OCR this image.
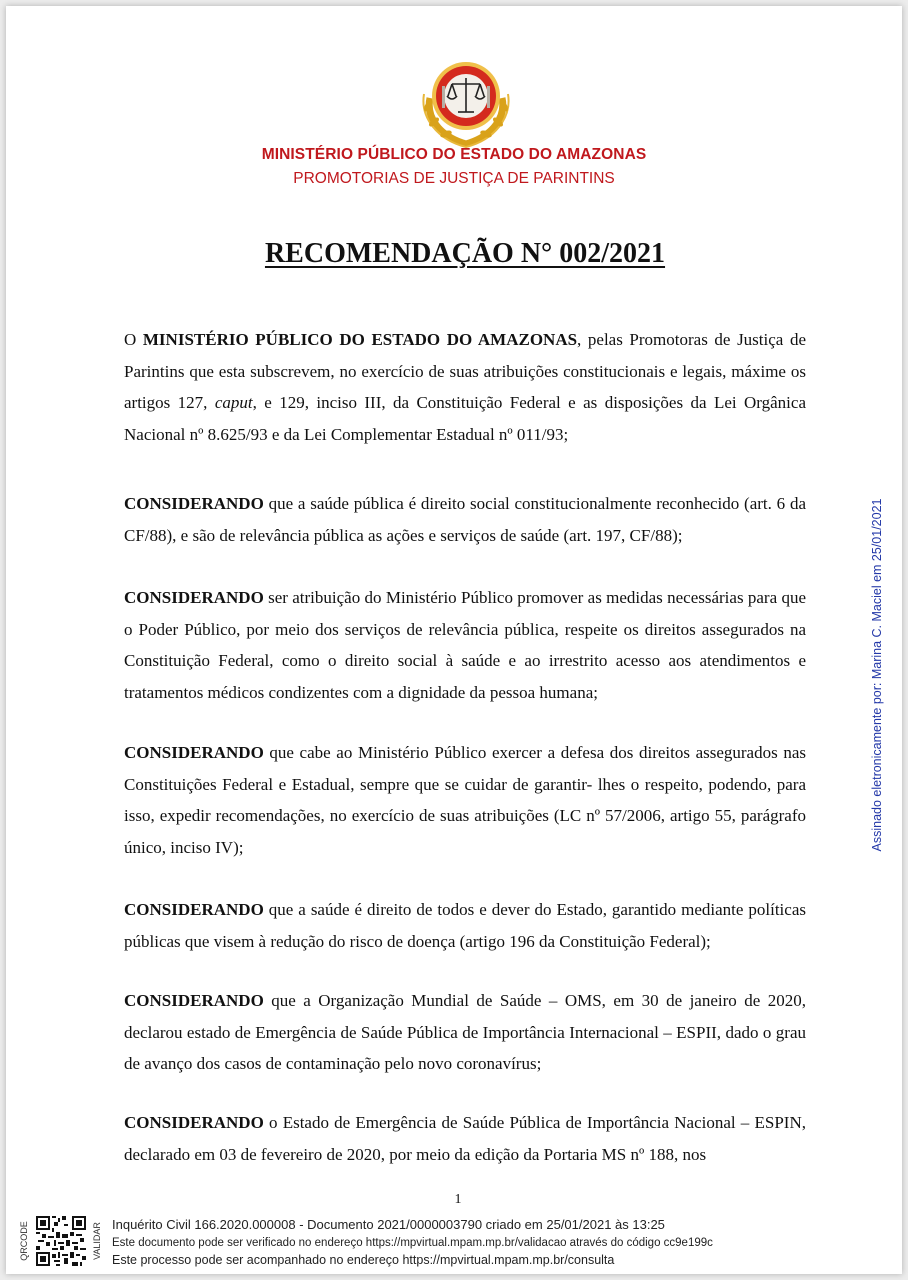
MINISTÉRIO PÚBLICO DO ESTADO DO AMAZONAS
PROMOTORIAS DE JUSTIÇA DE PARINTINS
RECOMENDAÇÃO N° 002/2021

O MINISTÉRIO PÚBLICO DO ESTADO DO AMAZONAS, pelas Promotoras de Justiça de Parintins que esta subscrevem, no exercício de suas atribuições constitucionais e legais, máxime os artigos 127, caput, e 129, inciso III, da Constituição Federal e as disposições da Lei Orgânica Nacional nº 8.625/93 e da Lei Complementar Estadual nº 011/93;

CONSIDERANDO que a saúde pública é direito social constitucionalmente reconhecido (art. 6 da CF/88), e são de relevância pública as ações e serviços de saúde (art. 197, CF/88);

CONSIDERANDO ser atribuição do Ministério Público promover as medidas necessárias para que o Poder Público, por meio dos serviços de relevância pública, respeite os direitos assegurados na Constituição Federal, como o direito social à saúde e ao irrestrito acesso aos atendimentos e tratamentos médicos condizentes com a dignidade da pessoa humana;

CONSIDERANDO que cabe ao Ministério Público exercer a defesa dos direitos assegurados nas Constituições Federal e Estadual, sempre que se cuidar de garantir- lhes o respeito, podendo, para isso, expedir recomendações, no exercício de suas atribuições (LC nº 57/2006, artigo 55, parágrafo único, inciso IV);

CONSIDERANDO que a saúde é direito de todos e dever do Estado, garantido mediante políticas públicas que visem à redução do risco de doença (artigo 196 da Constituição Federal);

CONSIDERANDO que a Organização Mundial de Saúde – OMS, em 30 de janeiro de 2020, declarou estado de Emergência de Saúde Pública de Importância Internacional – ESPII, dado o grau de avanço dos casos de contaminação pelo novo coronavírus;

CONSIDERANDO o Estado de Emergência de Saúde Pública de Importância Nacional – ESPIN, declarado em 03 de fevereiro de 2020, por meio da edição da Portaria MS nº 188, nos

Assinado eletronicamente por: Marina C. Maciel em 25/01/2021
1
QRCODE	VALIDAR Inquérito Civil 166.2020.000008 - Documento 2021/0000003790 criado em 25/01/2021 às 13:25
Este documento pode ser verificado no endereço https://mpvirtual.mpam.mp.br/validacao através do código cc9e199c
Este processo pode ser acompanhado no endereço https://mpvirtual.mpam.mp.br/consulta
